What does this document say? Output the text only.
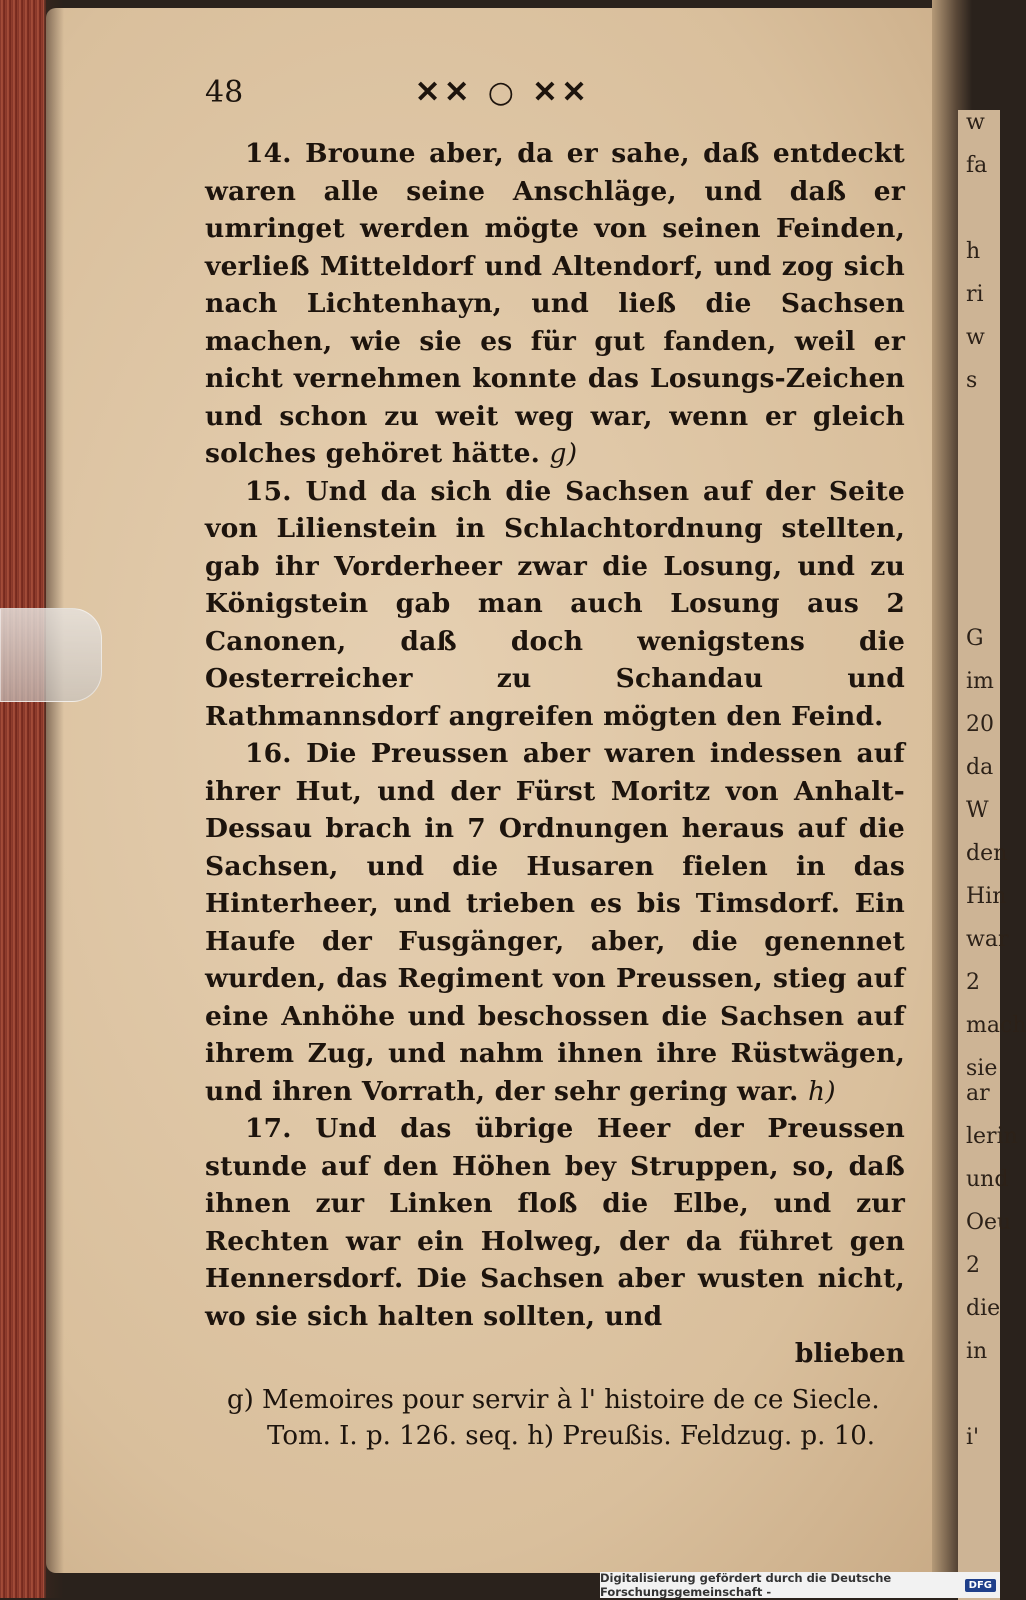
w
fa

h
ri
w
s

G
im
20
da
W
den
Hin
war
2
mach
sie ar
lerin
und
Oeu
2
die
in

i'
48	✕✕ ○ ✕✕

14. Broune aber, da er sahe, daß entdeckt waren alle seine Anschläge, und daß er umringet werden mögte von seinen Feinden, verließ Mitteldorf und Altendorf, und zog sich nach Lichtenhayn, und ließ die Sachsen machen, wie sie es für gut fanden, weil er nicht vernehmen konnte das Losungs-Zeichen und schon zu weit weg war, wenn er gleich solches gehöret hätte. g)

15. Und da sich die Sachsen auf der Seite von Lilienstein in Schlachtordnung stellten, gab ihr Vorderheer zwar die Losung, und zu Königstein gab man auch Losung aus 2 Canonen, daß doch wenigstens die Oesterreicher zu Schandau und Rathmannsdorf angreifen mögten den Feind.

16. Die Preussen aber waren indessen auf ihrer Hut, und der Fürst Moritz von Anhalt-Dessau brach in 7 Ordnungen heraus auf die Sachsen, und die Husaren fielen in das Hinterheer, und trieben es bis Timsdorf. Ein Haufe der Fusgänger, aber, die genennet wurden, das Regiment von Preussen, stieg auf eine Anhöhe und beschossen die Sachsen auf ihrem Zug, und nahm ihnen ihre Rüstwägen, und ihren Vorrath, der sehr gering war. h)

17. Und das übrige Heer der Preussen stunde auf den Höhen bey Struppen, so, daß ihnen zur Linken floß die Elbe, und zur Rechten war ein Holweg, der da führet gen Hennersdorf. Die Sachsen aber wusten nicht, wo sie sich halten sollten, und

blieben
g) Memoires pour servir à l' histoire de ce Siecle.
Tom. I. p. 126. seq. h) Preußis. Feldzug. p. 10.
Digitalisierung gefördert durch die Deutsche Forschungsgemeinschaft -	DFG
